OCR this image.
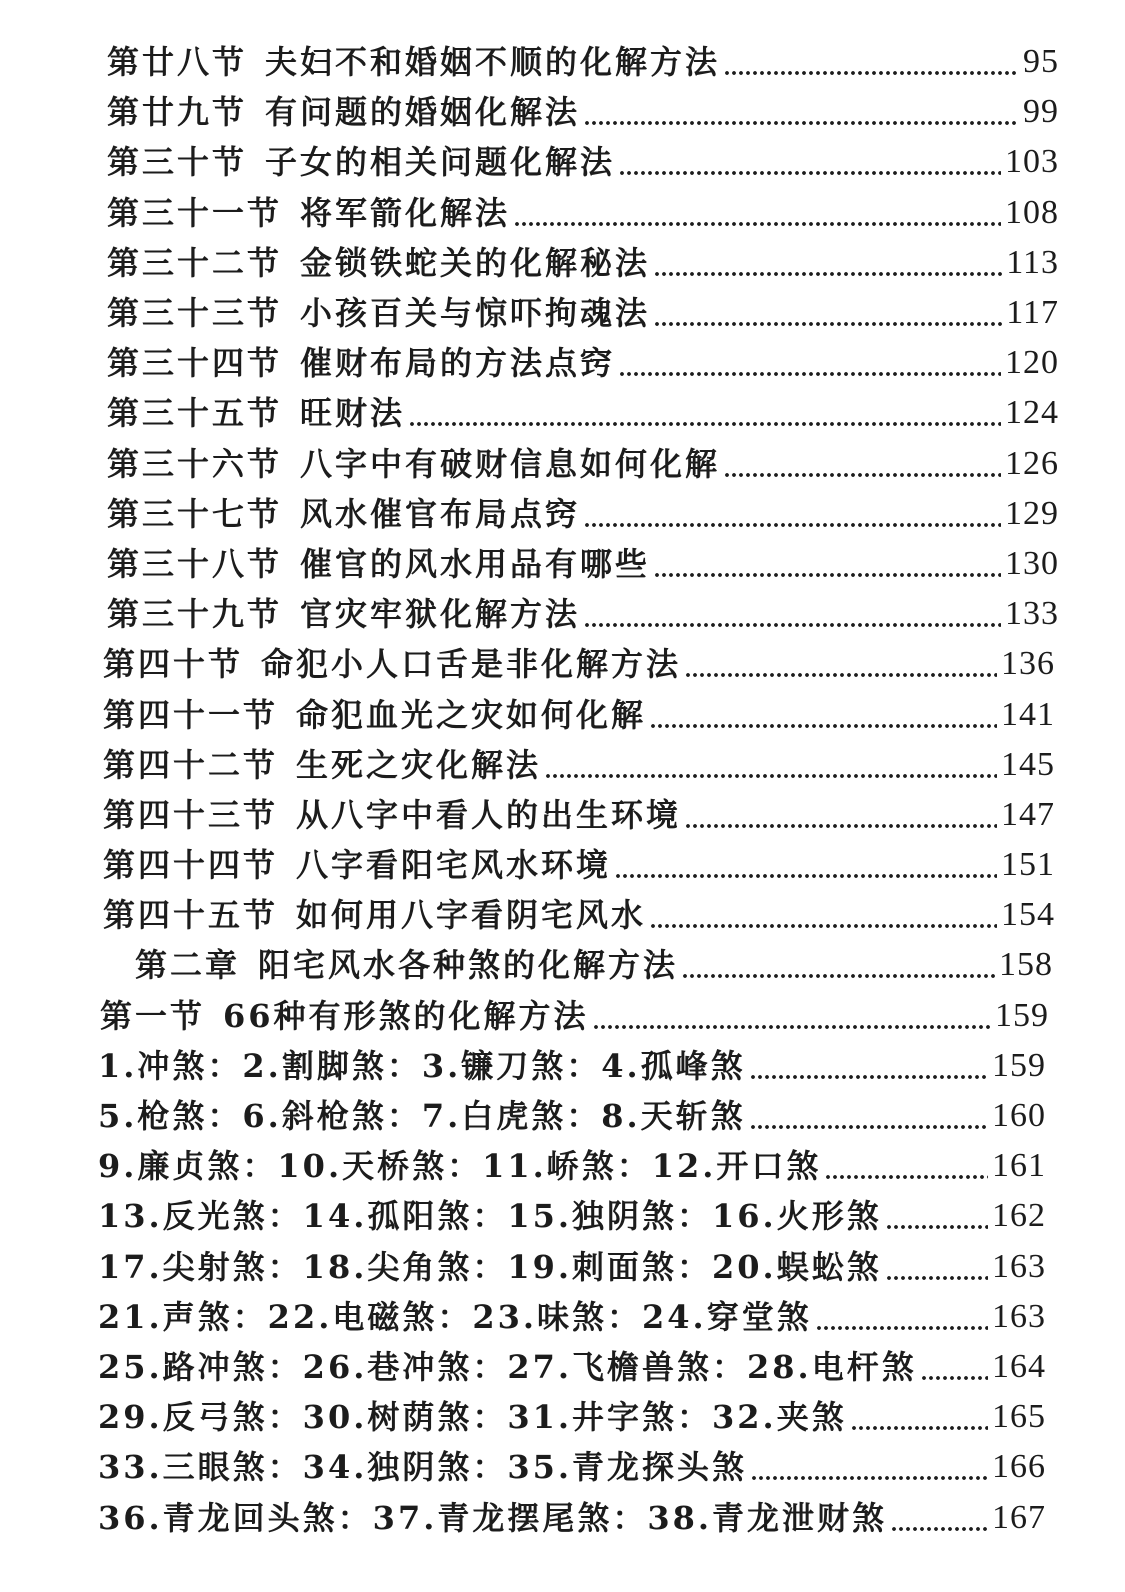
第廿八节 夫妇不和婚姻不顺的化解方法	95
第廿九节 有问题的婚姻化解法	99
第三十节 子女的相关问题化解法	103
第三十一节 将军箭化解法	108
第三十二节 金锁铁蛇关的化解秘法	113
第三十三节 小孩百关与惊吓拘魂法	117
第三十四节 催财布局的方法点窍	120
第三十五节 旺财法	124
第三十六节 八字中有破财信息如何化解	126
第三十七节 风水催官布局点窍	129
第三十八节 催官的风水用品有哪些	130
第三十九节 官灾牢狱化解方法	133
第四十节 命犯小人口舌是非化解方法	136
第四十一节 命犯血光之灾如何化解	141
第四十二节 生死之灾化解法	145
第四十三节 从八字中看人的出生环境	147
第四十四节 八字看阳宅风水环境	151
第四十五节 如何用八字看阴宅风水	154
第二章 阳宅风水各种煞的化解方法	158
第一节 66种有形煞的化解方法	159
1.冲煞：2.割脚煞：3.镰刀煞：4.孤峰煞	159
5.枪煞：6.斜枪煞：7.白虎煞：8.天斩煞	160
9.廉贞煞：10.天桥煞：11.峤煞：12.开口煞	161
13.反光煞：14.孤阳煞：15.独阴煞：16.火形煞	162
17.尖射煞：18.尖角煞：19.刺面煞：20.蜈蚣煞	163
21.声煞：22.电磁煞：23.味煞：24.穿堂煞	163
25.路冲煞：26.巷冲煞：27.飞檐兽煞：28.电杆煞 164
29.反弓煞：30.树荫煞：31.井字煞：32.夹煞	165
33.三眼煞：34.独阴煞：35.青龙探头煞	166
36.青龙回头煞：37.青龙摆尾煞：38.青龙泄财煞	167
